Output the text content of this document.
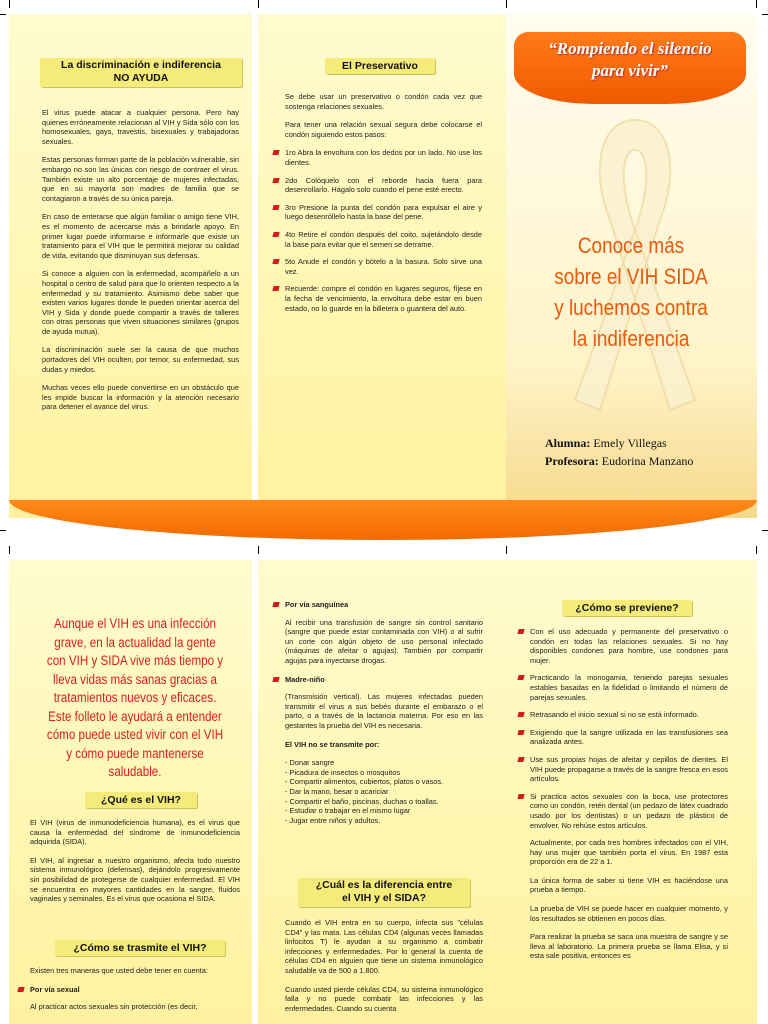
La discriminación e indiferencia
NO AYUDA

El virus puede atacar a cualquier persona. Pero hay quienes erróneamente relacionan al VIH y Sida sólo con los homosexuales, gays, travestis, bisexuales y trabajadoras sexuales.

Estas personas forman parte de la población vulnerable, sin embargo no son las únicas con riesgo de contraer el virus. También existe un alto porcentaje de mujeres infectadas, que en su mayoría son madres de familia que se contagiaron a través de su única pareja.

En caso de enterarse que algún familiar o amigo tiene VIH, es el momento de acercarse más a brindarle apoyo. En primer lugar puede informarse e informarle que existe un tratamiento para el VIH que le permitirá mejorar su calidad de vida, evitando que disminuyan sus defensas.

Si conoce a alguien con la enfermedad, acompáñelo a un hospital o centro de salud para que lo orienten respecto a la enfermedad y su tratamiento. Asimismo debe saber que existen varios lugares donde le pueden orientar acerca del VIH y Sida y donde puede compartir a través de talleres con otras personas que viven situaciones similares (grupos de ayuda mutua).

La discriminación suele ser la causa de que muchos portadores del VIH oculten, por temor, su enfermedad, sus dudas y miedos.

Muchas veces ello puede convertirse en un obstáculo que les impide buscar la información y la atención necesario para detener el avance del virus.

El Preservativo

Se debe usar un preservativo o condón cada vez que sostenga relaciones sexuales.

Para tener una relación sexual segura debe colocarse el condón siguiendo estos pasos:

1ro Abra la envoltura con los dedos por un lado. No use los dientes.
2do Colóquelo con el reborde hacia fuera para desenrollarlo. Hágalo solo cuando el pene esté erecto.
3ro Presione la punta del condón para expulsar el aire y luego desenróllelo hasta la base del pene.
4to Retire el condón después del coito, sujetándolo desde la base para evitar que el semen se derrame.
5to Anude el condón y bótelo a la basura. Solo sirve una vez.
Recuerde: compre el condón en lugares seguros, fíjese en la fecha de vencimiento, la envoltura debe estar en buen estado, no lo guarde en la billetera o guantera del auto.
“Rompiendo el silencio
para vivir”
Conoce más
sobre el VIH SIDA
y luchemos contra
la indiferencia
Alumna: Emely Villegas
Profesora: Eudorina Manzano
Aunque el VIH es una infección grave, en la actualidad la gente con VIH y SIDA vive más tiempo y lleva vidas más sanas gracias a tratamientos nuevos y eficaces. Este folleto le ayudará a entender cómo puede usted vivir con el VIH y cómo puede mantenerse saludable.
¿Qué es el VIH?

El VIH (virus de inmunodeficiencia humana), es el virus que causa la enfermedad del síndrome de inmunodeficiencia adquirida (SIDA).

El VIH, al ingresar a nuestro organismo, afecta todo nuestro sistema inmunológico (defensas), dejándolo progresivamente sin posibilidad de protegerse de cualquier enfermedad. El VIH se encuentra en mayores cantidades en la sangre, fluidos vaginales y seminales. Es el virus que ocasiona el SIDA.

¿Cómo se trasmite el VIH?

Existen tres maneras que usted debe tener en cuenta:

Por vía sexual

Al practicar actos sexuales sin protección (es decir,

Por vía sanguínea

Al recibir una transfusión de sangre sin control sanitario (sangre que puede estar contaminada con VIH) o al sufrir un corte con algún objeto de uso personal infectado (máquinas de afeitar o agujas). También por compartir agujas para inyectarse drogas.

Madre-niño

(Transmisión vertical). Las mujeres infectadas pueden transmitir el virus a sus bebés durante el embarazo o el parto, o a través de la lactancia materna. Por eso en las gestantes la prueba del VIH es necesaria.

El VIH no se transmite por:

- Donar sangre
- Picadura de insectos o mosquitos
- Compartir alimentos, cubiertos, platos o vasos.
- Dar la mano, besar o acariciar
- Compartir el baño, piscinas, duchas o toallas.
- Estudiar o trabajar en el mismo lugar
- Jugar entre niños y adultos.
¿Cuál es la diferencia entre
el VIH y el SIDA?

Cuando el VIH entra en su cuerpo, infecta sus "células CD4" y las mata. Las células CD4 (algunas veces llamadas linfocitos T) le ayudan a su organismo a combatir infecciones y enfermedades. Por lo general la cuenta de células CD4 en alguien que tiene un sistema inmunológico saludable va de 500 a 1.800.

Cuando usted pierde células CD4, su sistema inmunológico falla y no puede combatir las infecciones y las enfermedades. Cuando su cuenta

¿Cómo se previene?
Con el uso adecuado y permanente del preservativo o condón en todas las relaciones sexuales. Si no hay disponibles condones para hombre, use condones para mujer.
Practicando la monogamia, teniendo parejas sexuales estables basadas en la fidelidad o limitando el número de parejas sexuales.
Retrasando el inicio sexual si no se está informado.
Exigiendo que la sangre utilizada en las transfusiones sea analizada antes.
Use sus propias hojas de afeitar y cepillos de dientes. El VIH puede propagarse a través de la sangre fresca en esos artículos.
Si practica actos sexuales con la boca, use protectores como un condón, retén dental (un pedazo de látex cuadrado usado por los dentistas) o un pedazo de plástico de envolver. No rehúse estos artículos.

Actualmente, por cada tres hombres infectados con el VIH, hay una mujer que también porta el virus. En 1987 esta proporción era de 22 a 1.

La única forma de saber si tiene VIH es haciéndose una prueba a tiempo.

La prueba de VIH se puede hacer en cualquier momento, y los resultados se obtienen en pocos días.

Para realizar la prueba se saca una muestra de sangre y se lleva al laboratorio. La primera prueba se llama Elisa, y si esta sale positiva, entonces es
